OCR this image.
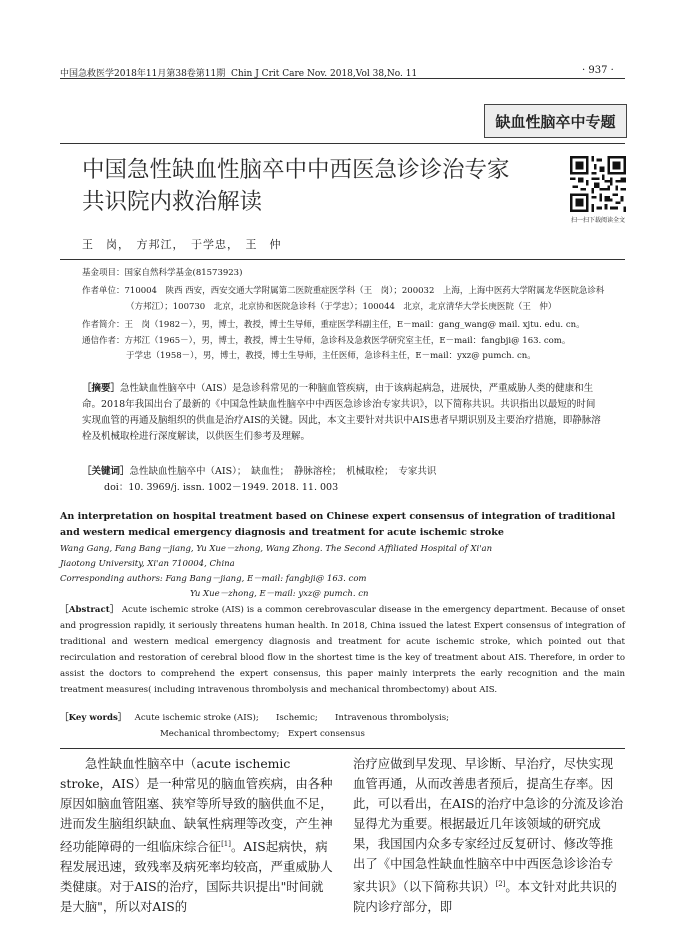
中国急救医学2018年11月第38卷第11期 Chin J Crit Care Nov. 2018,Vol 38,No. 11	· 937 ·
缺血性脑卒中专题
中国急性缺血性脑卒中中西医急诊诊治专家
共识院内救治解读
扫一扫下载阅读全文
王　岗，　方邦江，　于学忠，　王　仲
基金项目：国家自然科学基金(81573923)
作者单位：710004　陕西 西安，西安交通大学附属第二医院重症医学科（王　岗）；200032　上海，上海中医药大学附属龙华医院急诊科
（方邦江）；100730　北京，北京协和医院急诊科（于学忠）；100044　北京，北京清华大学长庚医院（王　仲）
作者简介：王　岗（1982－），男，博士，教授，博士生导师，重症医学科副主任，E－mail：gang_wang@ mail. xjtu. edu. cn。
通信作者：方邦江（1965－），男，博士，教授，博士生导师，急诊科及急救医学研究室主任，E－mail：fangbji@ 163. com。
于学忠（1958－），男，博士，教授，博士生导师，主任医师，急诊科主任，E－mail：yxz@ pumch. cn。
［摘要］急性缺血性脑卒中（AIS）是急诊科常见的一种脑血管疾病，由于该病起病急，进展快，严重威胁人类的健康和生命。2018年我国出台了最新的《中国急性缺血性脑卒中中西医急诊诊治专家共识》，以下简称共识。共识指出以最短的时间实现血管的再通及脑组织的供血是治疗AIS的关键。因此，本文主要针对共识中AIS患者早期识别及主要治疗措施，即静脉溶栓及机械取栓进行深度解读，以供医生们参考及理解。
［关键词］急性缺血性脑卒中（AIS）；　缺血性；　静脉溶栓；　机械取栓；　专家共识
doi：10. 3969/j. issn. 1002－1949. 2018. 11. 003
An interpretation on hospital treatment based on Chinese expert consensus of integration of traditional and western medical emergency diagnosis and treatment for acute ischemic stroke
Wang Gang, Fang Bang－jiang, Yu Xue－zhong, Wang Zhong. The Second Affiliated Hospital of Xi'an
Jiaotong University, Xi'an 710004, China
Corresponding authors: Fang Bang－jiang, E－mail: fangbji@ 163. com
Yu Xue－zhong, E－mail: yxz@ pumch. cn
［Abstract］ Acute ischemic stroke (AIS) is a common cerebrovascular disease in the emergency department. Because of onset and progression rapidly, it seriously threatens human health. In 2018, China issued the latest Expert consensus of integration of traditional and western medical emergency diagnosis and treatment for acute ischemic stroke, which pointed out that recirculation and restoration of cerebral blood flow in the shortest time is the key of treatment about AIS. Therefore, in order to assist the doctors to comprehend the expert consensus, this paper mainly interprets the early recognition and the main treatment measures( including intravenous thrombolysis and mechanical thrombectomy) about AIS.
［Key words］ Acute ischemic stroke (AIS);　　Ischemic;　　Intravenous thrombolysis;
Mechanical thrombectomy;　Expert consensus

急性缺血性脑卒中（acute ischemic stroke，AIS）是一种常见的脑血管疾病，由各种原因如脑血管阻塞、狭窄等所导致的脑供血不足，进而发生脑组织缺血、缺氧性病理等改变，产生神经功能障碍的一组临床综合征[1]。AIS起病快，病程发展迅速，致残率及病死率均较高，严重威胁人类健康。对于AIS的治疗，国际共识提出"时间就是大脑"，所以对AIS的

治疗应做到早发现、早诊断、早治疗，尽快实现血管再通，从而改善患者预后，提高生存率。因此，可以看出，在AIS的治疗中急诊的分流及诊治显得尤为重要。根据最近几年该领域的研究成果，我国国内众多专家经过反复研讨、修改等推出了《中国急性缺血性脑卒中中西医急诊诊治专家共识》（以下简称共识）[2]。本文针对此共识的院内诊疗部分，即
